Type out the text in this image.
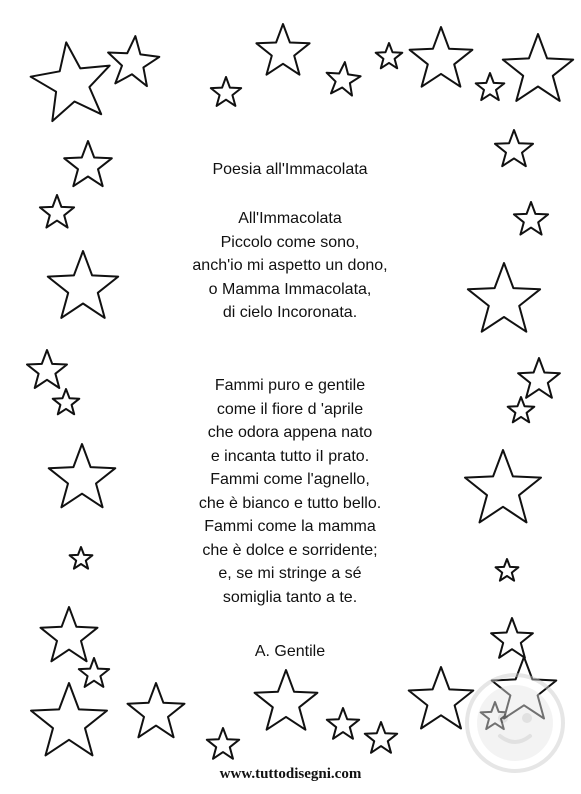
Poesia all'Immacolata
All'Immacolata
Piccolo come sono,
anch'io mi aspetto un dono,
o Mamma Immacolata,
di cielo Incoronata.
Fammi puro e gentile
come il fiore d 'aprile
che odora appena nato
e incanta tutto iI prato.
Fammi come l'agnello,
che è bianco e tutto bello.
Fammi come la mamma
che è dolce e sorridente;
e, se mi stringe a sé
somiglia tanto a te.
A. Gentile
www.tuttodisegni.com
